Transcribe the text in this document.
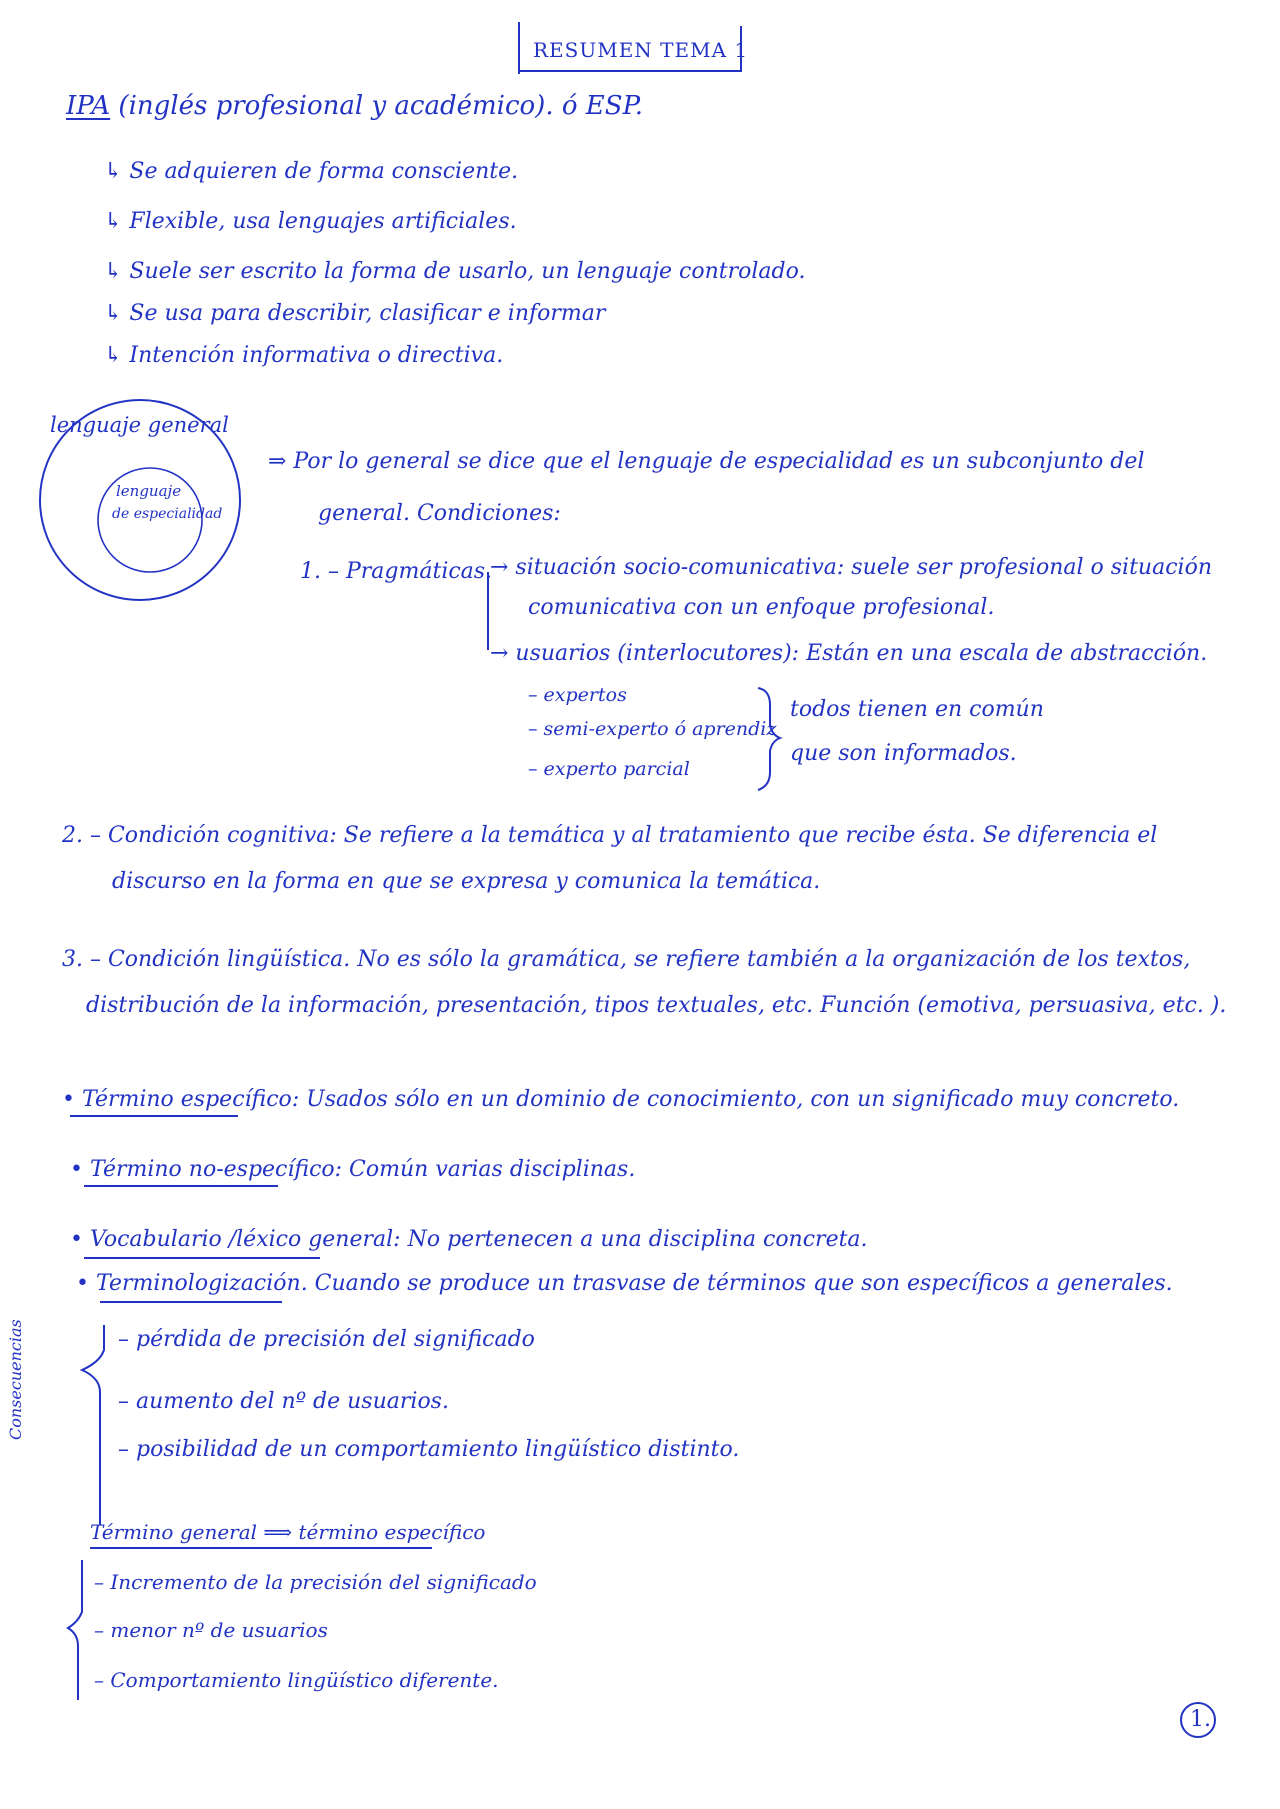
RESUMEN TEMA 1
IPA (inglés profesional y académico). ó ESP.
↳ Se adquieren de forma consciente.
↳ Flexible, usa lenguajes artificiales.
↳ Suele ser escrito la forma de usarlo, un lenguaje controlado.
↳ Se usa para describir, clasificar e informar
↳ Intención informativa o directiva.
lenguaje general
lenguaje
de especialidad
⇒ Por lo general se dice que el lenguaje de especialidad es un subconjunto del
general. Condiciones:
1. – Pragmáticas.
→ situación socio-comunicativa: suele ser profesional o situación
comunicativa con un enfoque profesional.
→ usuarios (interlocutores): Están en una escala de abstracción.
– expertos
– semi-experto ó aprendiz
– experto parcial
todos tienen en común
que son informados.
2. – Condición cognitiva: Se refiere a la temática y al tratamiento que recibe ésta. Se diferencia el
discurso en la forma en que se expresa y comunica la temática.
3. – Condición lingüística. No es sólo la gramática, se refiere también a la organización de los textos,
distribución de la información, presentación, tipos textuales, etc. Función (emotiva, persuasiva, etc. ).
• Término específico: Usados sólo en un dominio de conocimiento, con un significado muy concreto.
• Término no-específico: Común varias disciplinas.
• Vocabulario /léxico general: No pertenecen a una disciplina concreta.
• Terminologización. Cuando se produce un trasvase de términos que son específicos a generales.
Consecuencias	– pérdida de precisión del significado
– aumento del nº de usuarios.
– posibilidad de un comportamiento lingüístico distinto.
Término general ⟹ término específico
– Incremento de la precisión del significado
– menor nº de usuarios
– Comportamiento lingüístico diferente.
1.
